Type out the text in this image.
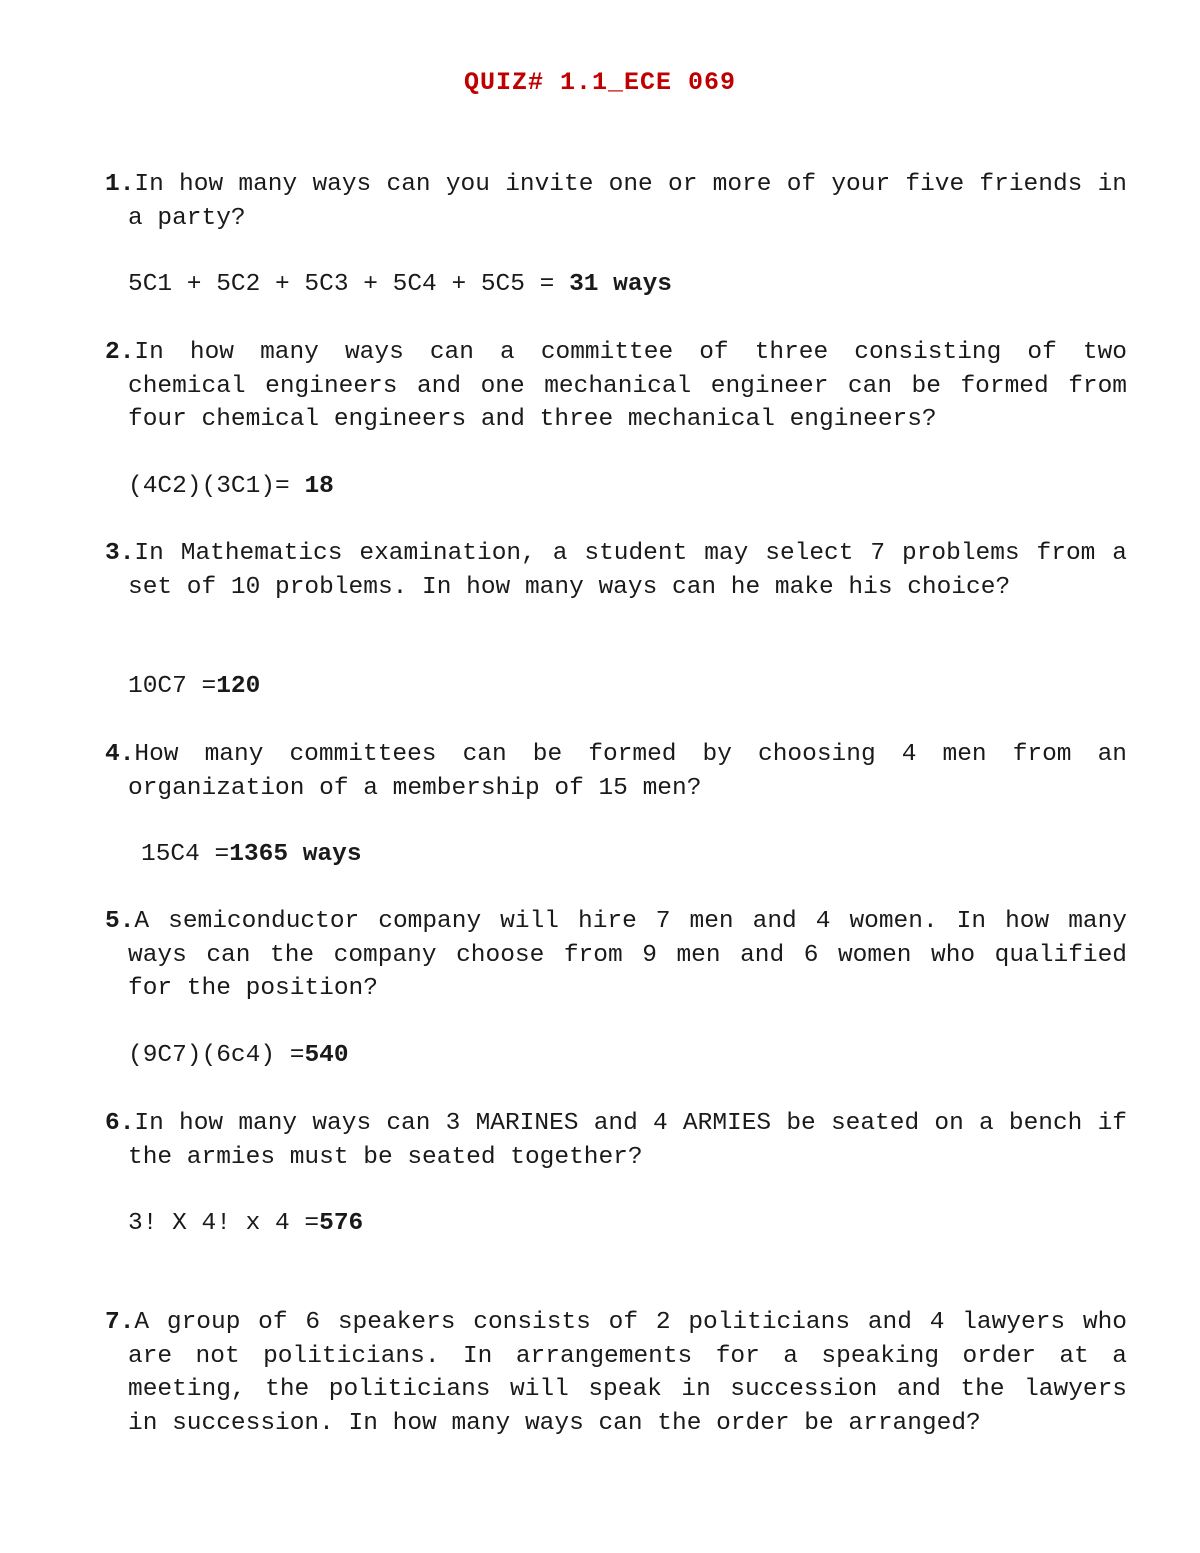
QUIZ# 1.1_ECE 069

1.In how many ways can you invite one or more of your five friends in a party?

5C1 + 5C2 + 5C3 + 5C4 + 5C5 = 31 ways

2.In how many ways can a committee of three consisting of two chemical engineers and one mechanical engineer can be formed from four chemical engineers and three mechanical engineers?

(4C2)(3C1)= 18

3.In Mathematics examination, a student may select 7 problems from a set of 10 problems. In how many ways can he make his choice?

10C7 =120

4.How many committees can be formed by choosing 4 men from an organization of a membership of 15 men?

15C4 =1365 ways

5.A semiconductor company will hire 7 men and 4 women. In how many ways can the company choose from 9 men and 6 women who qualified for the position?

(9C7)(6c4) =540

6.In how many ways can 3 MARINES and 4 ARMIES be seated on a bench if the armies must be seated together?

3! X 4! x 4 =576

7.A group of 6 speakers consists of 2 politicians and 4 lawyers who are not politicians. In arrangements for a speaking order at a meeting, the politicians will speak in succession and the lawyers in succession. In how many ways can the order be arranged?
